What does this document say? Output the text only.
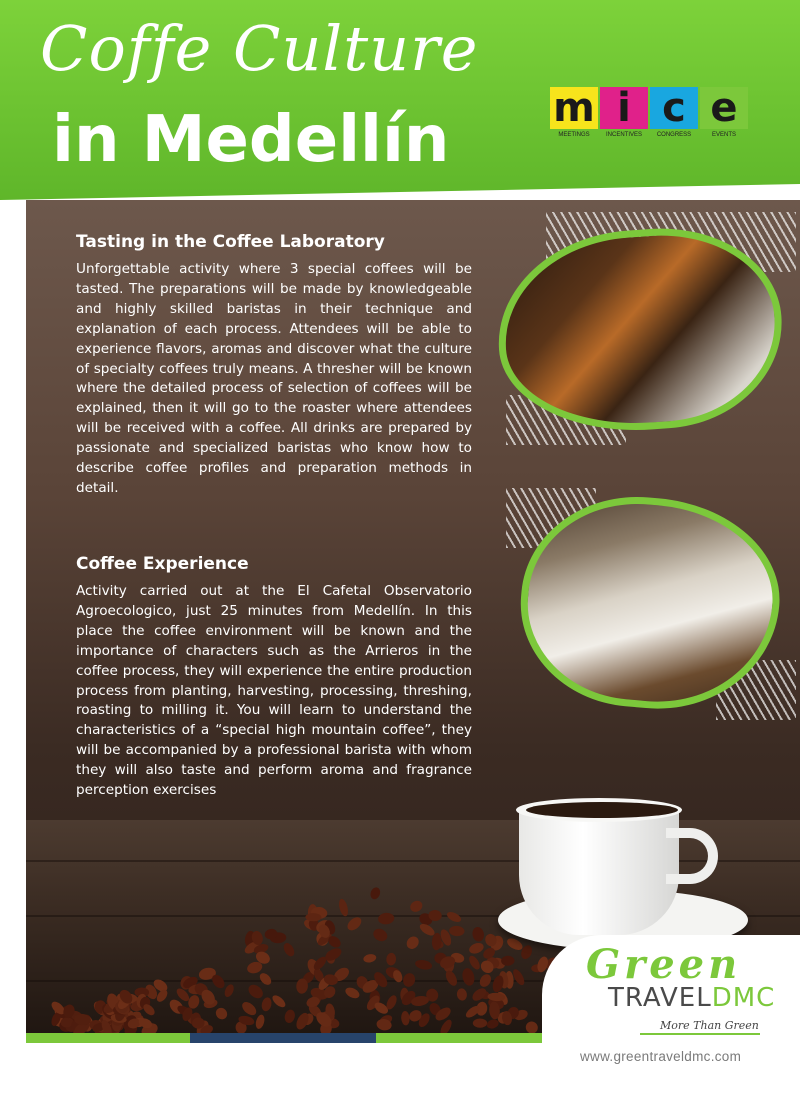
Coffe Culture
in Medellín	m i c e
MEETINGS	INCENTIVES	CONGRESS	EVENTS
Tasting in the Coffee Laboratory
Unforgettable activity where 3 special coffees will be tasted. The preparations will be made by knowledgeable and highly skilled baristas in their technique and explanation of each process. Attendees will be able to experience flavors, aromas and discover what the culture of specialty coffees truly means. A thresher will be known where the detailed process of selection of coffees will be explained, then it will go to the roaster where attendees will be received with a coffee. All drinks are prepared by passionate and specialized baristas who know how to describe coffee profiles and preparation methods in detail.
Coffee Experience
Activity carried out at the El Cafetal Observatorio Agroecologico, just 25 minutes from Medellín. In this place the coffee environment will be known and the importance of characters such as the Arrieros in the coffee process, they will experience the entire production process from planting, harvesting, processing, threshing, roasting to milling it. You will learn to understand the characteristics of a “special high mountain coffee”, they will be accompanied by a professional barista with whom they will also taste and perform aroma and fragrance perception exercises
Green
TRAVELDMC
More Than Green
www.greentraveldmc.com
